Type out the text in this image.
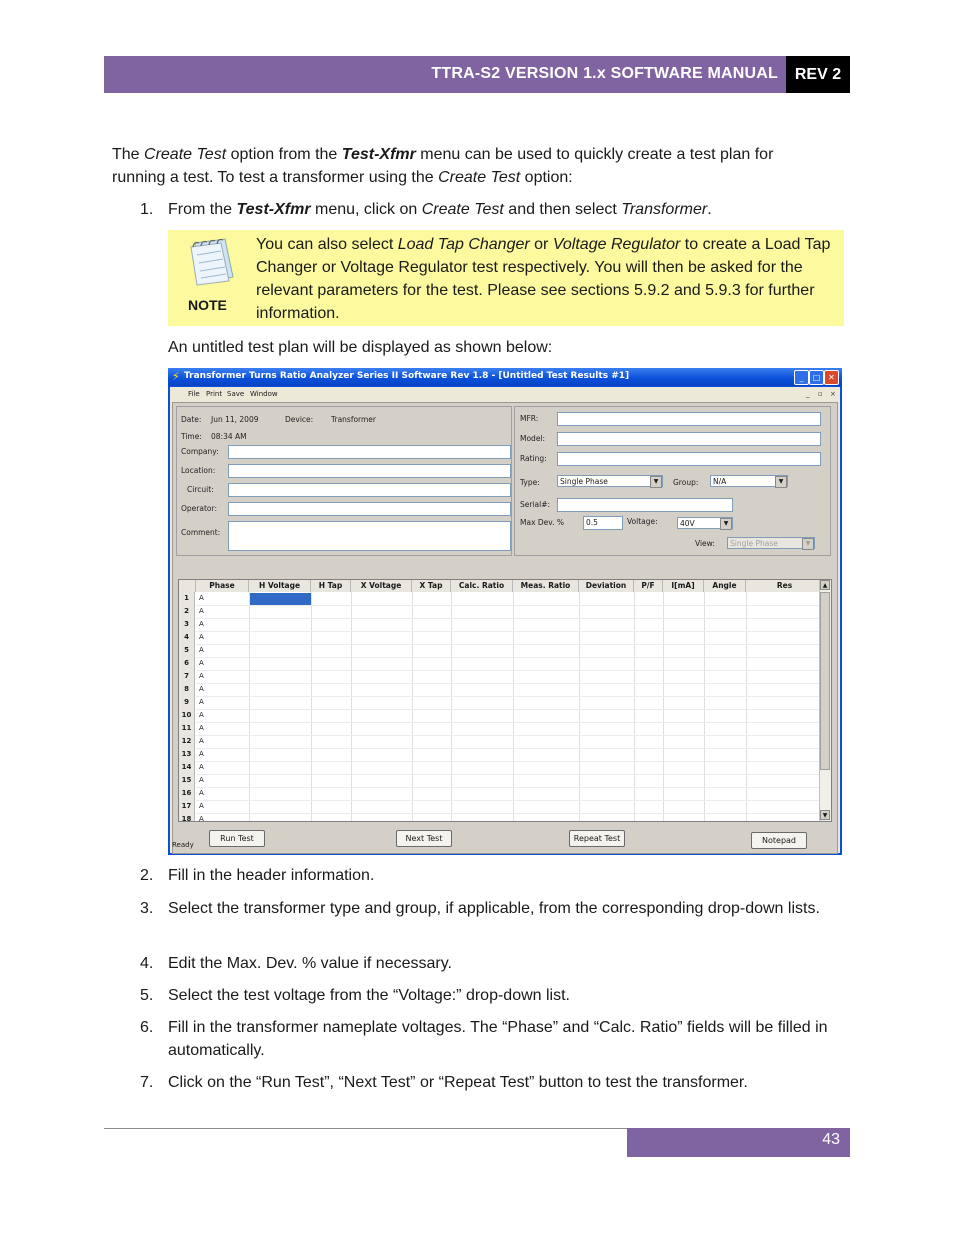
TTRA-S2 VERSION 1.x SOFTWARE MANUAL	REV 2
The Create Test option from the Test-Xfmr menu can be used to quickly create a test plan for
running a test. To test a transformer using the Create Test option:
1. From the Test-Xfmr menu, click on Create Test and then select Transformer.
NOTE
You can also select Load Tap Changer or Voltage Regulator to create a Load Tap Changer or Voltage Regulator test respectively. You will then be asked for the relevant parameters for the test. Please see sections 5.9.2 and 5.9.3 for further information.
An untitled test plan will be displayed as shown below:
⚡ Transformer Turns Ratio Analyzer Series II Software Rev 1.8 - [Untitled Test Results #1]	_	□ ✕
File Print Save Window	_ ▫ ×
Date: Jun 11, 2009	Device: Transformer
Time: 08:34 AM
Company:
Location:
Circuit:
Operator:
Comment:
MFR:
Model:
Rating:
Type:	Single Phase	▼	Group:	N/A	▼
Serial#:
Max Dev. %	0.5	Voltage:	40V	▼
View:	Single Phase	▼
Phase	H Voltage	H Tap	X Voltage	X Tap	Calc. Ratio	Meas. Ratio	Deviation	P/F	I[mA]	Angle	Res
1	A
2	A
3	A
4	A
5	A
6	A
7	A
8	A
9	A
10	A
11	A
12	A
13	A
14	A
15	A
16	A
17	A
18	A
▲
▼
Run Test	Next Test	Repeat Test	Notepad
Ready
2. Fill in the header information.
3. Select the transformer type and group, if applicable, from the corresponding drop-down lists.
4. Edit the Max. Dev. % value if necessary.
5. Select the test voltage from the “Voltage:” drop-down list.
6. Fill in the transformer nameplate voltages. The “Phase” and “Calc. Ratio” fields will be filled in automatically.
7. Click on the “Run Test”, “Next Test” or “Repeat Test” button to test the transformer.
43
